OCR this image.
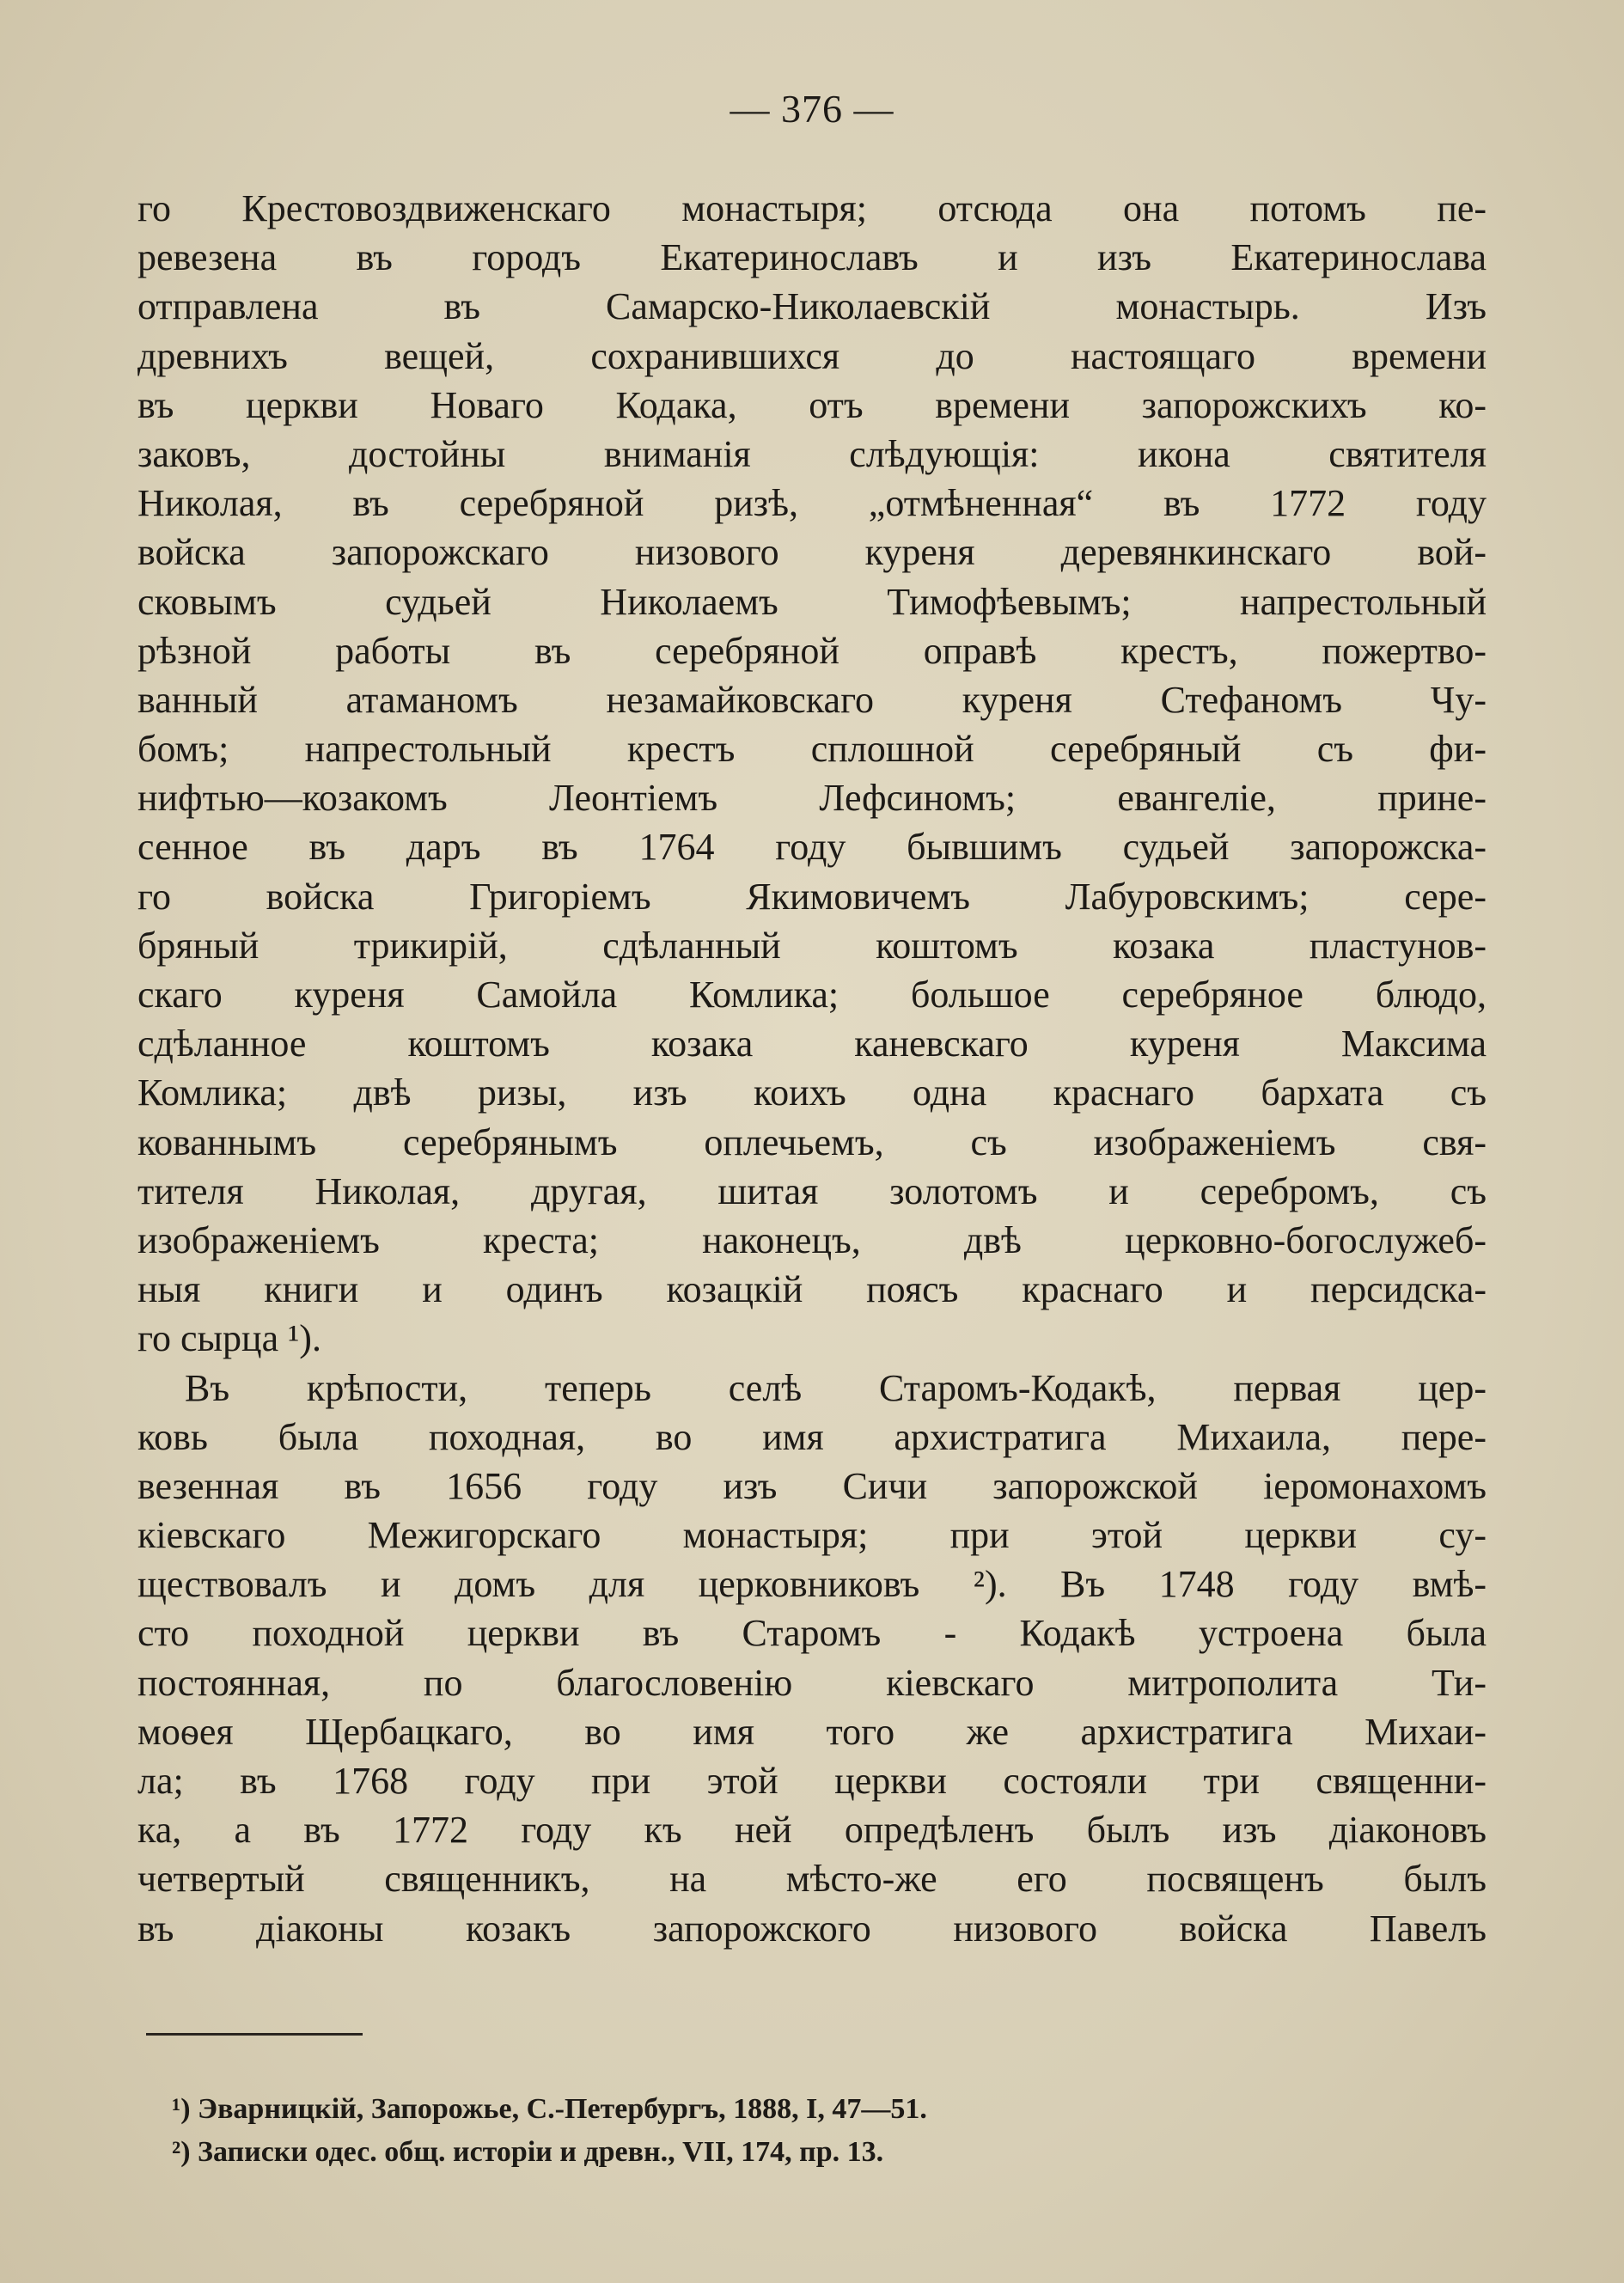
— 376 —
го Крестовоздвиженскаго монастыря; отсюда она потомъ пе-
ревезена въ городъ Екатеринославъ и изъ Екатеринослава
отправлена въ Самарско-Николаевскій монастырь. Изъ
древнихъ вещей, сохранившихся до настоящаго времени
въ церкви Новаго Кодака, отъ времени запорожскихъ ко-
заковъ, достойны вниманія слѣдующія: икона святителя
Николая, въ серебряной ризѣ, „отмѣненная“ въ 1772 году
войска запорожскаго низового куреня деревянкинскаго вой-
сковымъ судьей Николаемъ Тимофѣевымъ; напрестольный
рѣзной работы въ серебряной оправѣ крестъ, пожертво-
ванный атаманомъ незамайковскаго куреня Стефаномъ Чу-
бомъ; напрестольный крестъ сплошной серебряный съ фи-
нифтью—козакомъ Леонтіемъ Лефсиномъ; евангеліе, прине-
сенное въ даръ въ 1764 году бывшимъ судьей запорожска-
го войска Григоріемъ Якимовичемъ Лабуровскимъ; сере-
бряный трикирій, сдѣланный коштомъ козака пластунов-
скаго куреня Самойла Комлика; большое серебряное блюдо,
сдѣланное коштомъ козака каневскаго куреня Максима
Комлика; двѣ ризы, изъ коихъ одна краснаго бархата съ
кованнымъ серебрянымъ оплечьемъ, съ изображеніемъ свя-
тителя Николая, другая, шитая золотомъ и серебромъ, съ
изображеніемъ креста; наконецъ, двѣ церковно-богослужеб-
ныя книги и одинъ козацкій поясъ краснаго и персидска-
го сырца ¹).
Въ крѣпости, теперь селѣ Старомъ-Кодакѣ, первая цер-
ковь была походная, во имя архистратига Михаила, пере-
везенная въ 1656 году изъ Сичи запорожской іеромонахомъ
кіевскаго Межигорскаго монастыря; при этой церкви су-
ществовалъ и домъ для церковниковъ ²). Въ 1748 году вмѣ-
сто походной церкви въ Старомъ - Кодакѣ устроена была
постоянная, по благословенію кіевскаго митрополита Ти-
моѳея Щербацкаго, во имя того же архистратига Михаи-
ла; въ 1768 году при этой церкви состояли три священни-
ка, а въ 1772 году къ ней опредѣленъ былъ изъ діаконовъ
четвертый священникъ, на мѣсто-же его посвященъ былъ
въ діаконы козакъ запорожского низового войска Павелъ
¹) Эварницкій, Запорожье, С.-Петербургъ, 1888, I, 47—51.
²) Записки одес. общ. исторіи и древн., VII, 174, пр. 13.
